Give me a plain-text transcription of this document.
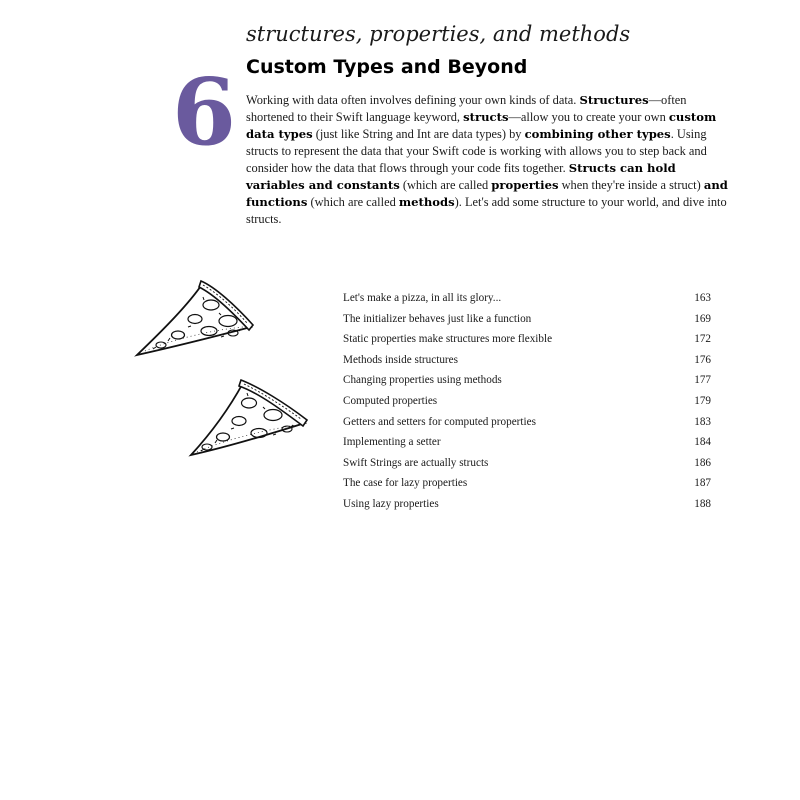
6
structures, properties, and methods
Custom Types and Beyond

Working with data often involves defining your own kinds of data. Structures—often shortened to their Swift language keyword, structs—allow you to create your own custom data types (just like String and Int are data types) by combining other types. Using structs to represent the data that your Swift code is working with allows you to step back and consider how the data that flows through your code fits together. Structs can hold variables and constants (which are called properties when they're inside a struct) and functions (which are called methods). Let's add some structure to your world, and dive into structs.

Let's make a pizza, in all its glory...	163
The initializer behaves just like a function	169
Static properties make structures more flexible	172
Methods inside structures	176
Changing properties using methods	177
Computed properties	179
Getters and setters for computed properties	183
Implementing a setter	184
Swift Strings are actually structs	186
The case for lazy properties	187
Using lazy properties	188
